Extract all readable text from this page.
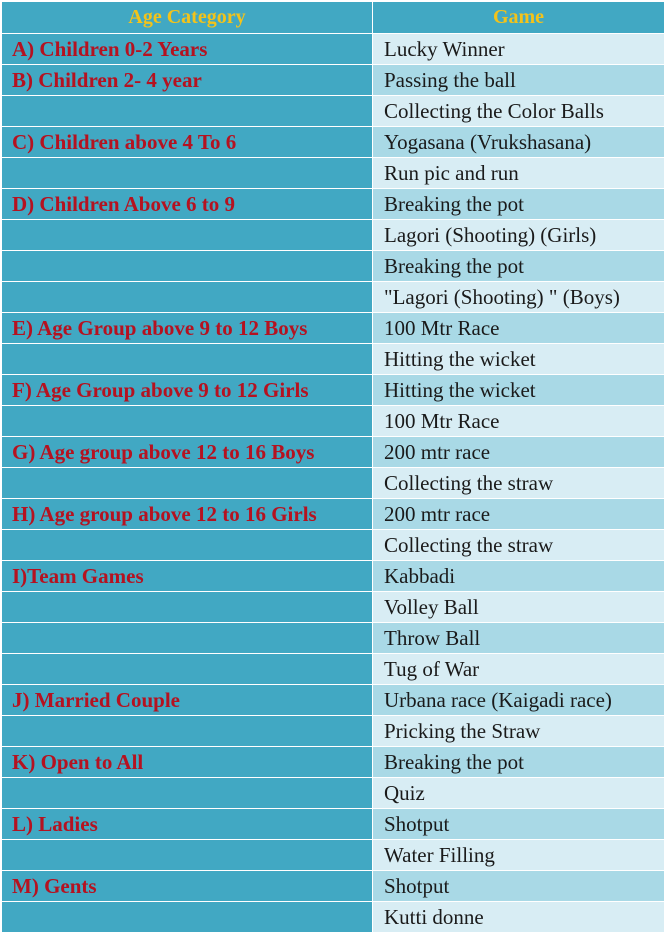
Age Category	Game
A) Children 0-2 Years	Lucky Winner
B) Children 2- 4 year	Passing the ball
Collecting the Color Balls
C) Children above 4 To 6	Yogasana (Vrukshasana)
Run pic and run
D) Children Above 6 to 9	Breaking the pot
Lagori (Shooting) (Girls)
Breaking the pot
"Lagori (Shooting) " (Boys)
E) Age Group above 9 to 12 Boys	100 Mtr Race
Hitting the wicket
F) Age Group above 9 to 12 Girls	Hitting the wicket
100 Mtr Race
G) Age group above 12 to 16 Boys	200 mtr race
Collecting the straw
H) Age group above 12 to 16 Girls	200 mtr race
Collecting the straw
I)Team Games	Kabbadi
Volley Ball
Throw Ball
Tug of War
J) Married Couple	Urbana race (Kaigadi race)
Pricking the Straw
K) Open to All	Breaking the pot
Quiz
L) Ladies	Shotput
Water Filling
M) Gents	Shotput
Kutti donne
